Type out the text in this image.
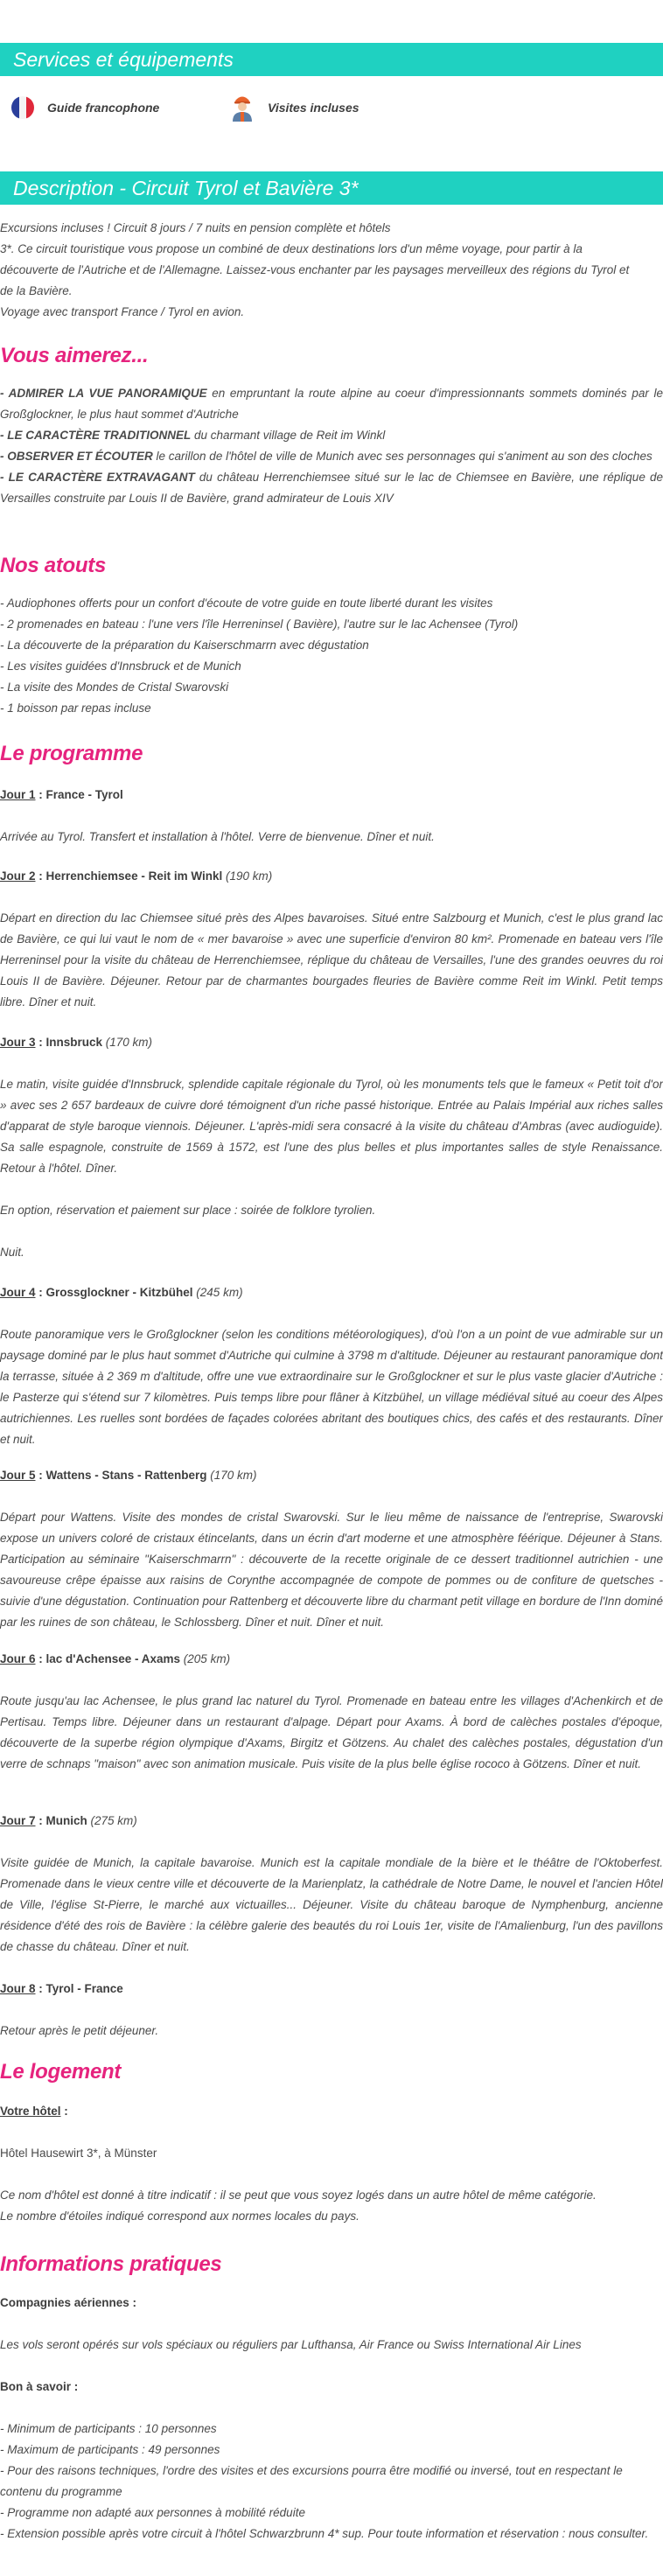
Services et équipements
Guide francophone	Visites incluses
Description - Circuit Tyrol et Bavière 3*

Excursions incluses ! Circuit 8 jours / 7 nuits en pension complète et hôtels

3*. Ce circuit touristique vous propose un combiné de deux destinations lors d'un même voyage, pour partir à la

découverte de l'Autriche et de l'Allemagne. Laissez-vous enchanter par les paysages merveilleux des régions du Tyrol et

de la Bavière.

Voyage avec transport France / Tyrol en avion.

Vous aimerez...

- ADMIRER LA VUE PANORAMIQUE en empruntant la route alpine au coeur d'impressionnants sommets dominés par le Großglockner, le plus haut sommet d'Autriche

- LE CARACTÈRE TRADITIONNEL du charmant village de Reit im Winkl

- OBSERVER ET ÉCOUTER le carillon de l'hôtel de ville de Munich avec ses personnages qui s'animent au son des cloches

- LE CARACTÈRE EXTRAVAGANT du château Herrenchiemsee situé sur le lac de Chiemsee en Bavière, une réplique de Versailles construite par Louis II de Bavière, grand admirateur de Louis XIV

Nos atouts

- Audiophones offerts pour un confort d'écoute de votre guide en toute liberté durant les visites

- 2 promenades en bateau : l'une vers l'île Herreninsel ( Bavière), l'autre sur le lac Achensee (Tyrol)

- La découverte de la préparation du Kaiserschmarrn avec dégustation

- Les visites guidées d'Innsbruck et de Munich

- La visite des Mondes de Cristal Swarovski

- 1 boisson par repas incluse

Le programme

Jour 1 : France - Tyrol

Arrivée au Tyrol. Transfert et installation à l'hôtel. Verre de bienvenue. Dîner et nuit.

Jour 2 : Herrenchiemsee - Reit im Winkl (190 km)

Départ en direction du lac Chiemsee situé près des Alpes bavaroises. Situé entre Salzbourg et Munich, c'est le plus grand lac de Bavière, ce qui lui vaut le nom de « mer bavaroise » avec une superficie d'environ 80 km². Promenade en bateau vers l'île Herreninsel pour la visite du château de Herrenchiemsee, réplique du château de Versailles, l'une des grandes oeuvres du roi Louis II de Bavière. Déjeuner. Retour par de charmantes bourgades fleuries de Bavière comme Reit im Winkl. Petit temps libre. Dîner et nuit.

Jour 3 : Innsbruck (170 km)

Le matin, visite guidée d'Innsbruck, splendide capitale régionale du Tyrol, où les monuments tels que le fameux « Petit toit d'or » avec ses 2 657 bardeaux de cuivre doré témoignent d'un riche passé historique. Entrée au Palais Impérial aux riches salles d'apparat de style baroque viennois. Déjeuner. L'après-midi sera consacré à la visite du château d'Ambras (avec audioguide). Sa salle espagnole, construite de 1569 à 1572, est l'une des plus belles et plus importantes salles de style Renaissance. Retour à l'hôtel. Dîner.

En option, réservation et paiement sur place : soirée de folklore tyrolien.

Nuit.

Jour 4 : Grossglockner - Kitzbühel (245 km)

Route panoramique vers le Großglockner (selon les conditions météorologiques), d'où l'on a un point de vue admirable sur un paysage dominé par le plus haut sommet d'Autriche qui culmine à 3798 m d'altitude. Déjeuner au restaurant panoramique dont la terrasse, située à 2 369 m d'altitude, offre une vue extraordinaire sur le Großglockner et sur le plus vaste glacier d'Autriche : le Pasterze qui s'étend sur 7 kilomètres. Puis temps libre pour flâner à Kitzbühel, un village médiéval situé au coeur des Alpes autrichiennes. Les ruelles sont bordées de façades colorées abritant des boutiques chics, des cafés et des restaurants. Dîner et nuit.

Jour 5 : Wattens - Stans - Rattenberg (170 km)

Départ pour Wattens. Visite des mondes de cristal Swarovski. Sur le lieu même de naissance de l'entreprise, Swarovski expose un univers coloré de cristaux étincelants, dans un écrin d'art moderne et une atmosphère féérique. Déjeuner à Stans. Participation au séminaire "Kaiserschmarrn" : découverte de la recette originale de ce dessert traditionnel autrichien - une savoureuse crêpe épaisse aux raisins de Corynthe accompagnée de compote de pommes ou de confiture de quetsches - suivie d'une dégustation. Continuation pour Rattenberg et découverte libre du charmant petit village en bordure de l'Inn dominé par les ruines de son château, le Schlossberg. Dîner et nuit. Dîner et nuit.

Jour 6 : lac d'Achensee - Axams (205 km)

Route jusqu'au lac Achensee, le plus grand lac naturel du Tyrol. Promenade en bateau entre les villages d'Achenkirch et de Pertisau. Temps libre. Déjeuner dans un restaurant d'alpage. Départ pour Axams. À bord de calèches postales d'époque, découverte de la superbe région olympique d'Axams, Birgitz et Götzens. Au chalet des calèches postales, dégustation d'un verre de schnaps "maison" avec son animation musicale. Puis visite de la plus belle église rococo à Götzens. Dîner et nuit.

Jour 7 : Munich (275 km)

Visite guidée de Munich, la capitale bavaroise. Munich est la capitale mondiale de la bière et le théâtre de l'Oktoberfest. Promenade dans le vieux centre ville et découverte de la Marienplatz, la cathédrale de Notre Dame, le nouvel et l'ancien Hôtel de Ville, l'église St-Pierre, le marché aux victuailles... Déjeuner. Visite du château baroque de Nymphenburg, ancienne résidence d'été des rois de Bavière : la célèbre galerie des beautés du roi Louis 1er, visite de l'Amalienburg, l'un des pavillons de chasse du château. Dîner et nuit.

Jour 8 : Tyrol - France

Retour après le petit déjeuner.

Le logement

Votre hôtel :

Hôtel Hausewirt 3*, à Münster

Ce nom d'hôtel est donné à titre indicatif : il se peut que vous soyez logés dans un autre hôtel de même catégorie.

Le nombre d'étoiles indiqué correspond aux normes locales du pays.

Informations pratiques

Compagnies aériennes :

Les vols seront opérés sur vols spéciaux ou réguliers par Lufthansa, Air France ou Swiss International Air Lines

Bon à savoir :

- Minimum de participants : 10 personnes

- Maximum de participants : 49 personnes

- Pour des raisons techniques, l'ordre des visites et des excursions pourra être modifié ou inversé, tout en respectant le contenu du programme

- Programme non adapté aux personnes à mobilité réduite

- Extension possible après votre circuit à l'hôtel Schwarzbrunn 4* sup. Pour toute information et réservation : nous consulter.
